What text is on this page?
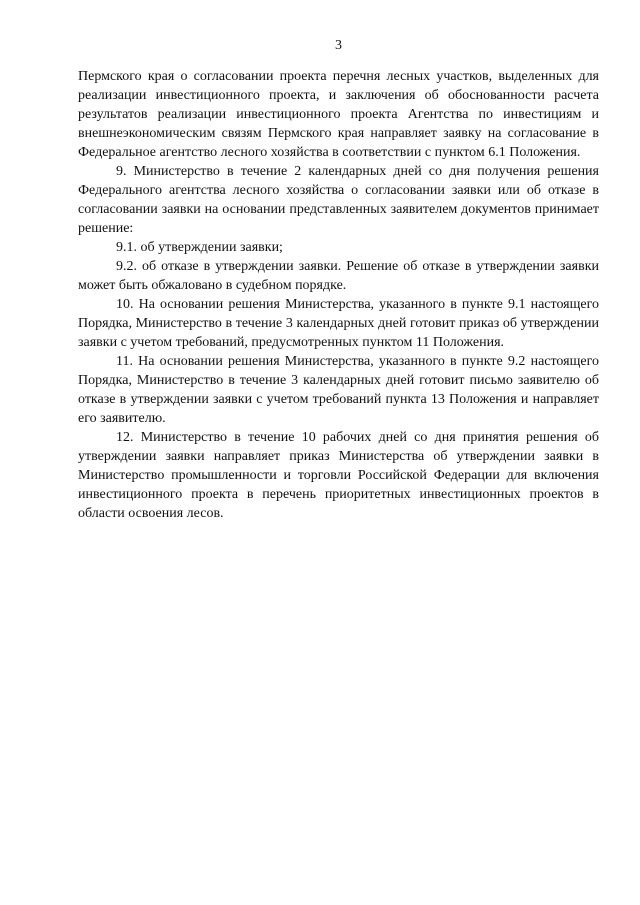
3

Пермского края о согласовании проекта перечня лесных участков, выделенных для реализации инвестиционного проекта, и заключения об обоснованности расчета результатов реализации инвестиционного проекта Агентства по инвестициям и внешнеэкономическим связям Пермского края направляет заявку на согласование в Федеральное агентство лесного хозяйства в соответствии с пунктом 6.1 Положения.

9. Министерство в течение 2 календарных дней со дня получения решения Федерального агентства лесного хозяйства о согласовании заявки или об отказе в согласовании заявки на основании представленных заявителем документов принимает решение:

9.1. об утверждении заявки;

9.2. об отказе в утверждении заявки. Решение об отказе в утверждении заявки может быть обжаловано в судебном порядке.

10. На основании решения Министерства, указанного в пункте 9.1 настоящего Порядка, Министерство в течение 3 календарных дней готовит приказ об утверждении заявки с учетом требований, предусмотренных пунктом 11 Положения.

11. На основании решения Министерства, указанного в пункте 9.2 настоящего Порядка, Министерство в течение 3 календарных дней готовит письмо заявителю об отказе в утверждении заявки с учетом требований пункта 13 Положения и направляет его заявителю.

12. Министерство в течение 10 рабочих дней со дня принятия решения об утверждении заявки направляет приказ Министерства об утверждении заявки в Министерство промышленности и торговли Российской Федерации для включения инвестиционного проекта в перечень приоритетных инвестиционных проектов в области освоения лесов.
